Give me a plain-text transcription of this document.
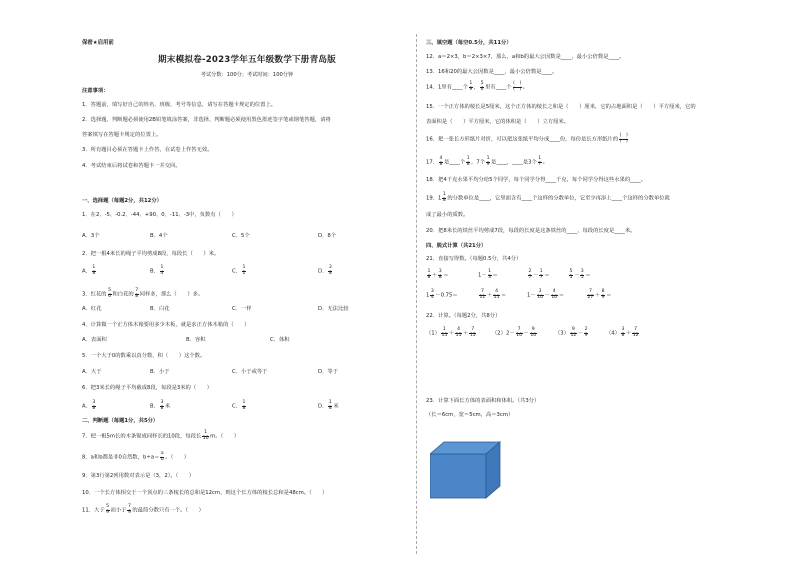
保密★启用前
期末模拟卷-2023学年五年级数学下册青岛版
考试分数：100分；考试时间：100分钟
注意事项：
1．答题前，填写好自己的姓名、班级、考号等信息，请写在答题卡规定的位置上。
2．选择题、判断题必须使用2B铅笔填涂答案，非选择、判断题必须使用黑色墨迹签字笔或钢笔答题，请将
答案填写在答题卡规定的位置上。
3．所有题目必须在答题卡上作答，在试卷上作答无效。
4．考试结束后将试卷和答题卡一并交回。
一、选择题（每题2分，共12分）
1．在2、-5、-0.2、-44、+90、0、-11、-3中，负数有（　　）
A．3个	B．4个	C．5个	D．8个
2．把一根4米长的绳子平均剪成8段，每段长（　　）米。
A． $\frac{1}{8}$	B． $\frac{1}{4}$	C． $\frac{1}{2}$	D． $\frac{3}{8}$
3．红花的 $\frac{5}{6}$ 和白花的 $\frac{7}{8}$ 同样多，那么（　　）多。
A．红花	B．白花	C．一样	D．无法比较
4．计算做一个正方体木箱要用多少木板，就是求正方体木箱的（　　）
A．表面积	B．容积	C．体积
5．一个大于0的数乘以真分数，积（　　）这个数。
A．大于	B．小于	C．小于或等于	D．等于
6．把3米长的绳子平均截成8段，每段是3米的（　　）
A． $\frac{3}{8}$	B． $\frac{3}{8}$ 米	C． $\frac{1}{8}$	D． $\frac{1}{8}$ 米
二、判断题（每题1分，共5分）
7．把一根5m长的木条锯成同样长的10段，每段长 $\frac{1}{10}$ m。（　　）
8．a和b都是非0自然数，$b\div a= \frac{a}{b}$ 。（　　）
9．第3行第2列用数对表示是（3，2）。（　　）
10．一个长方体相交于一个顶点的三条棱长的总和是12cm，则这个长方体的棱长总和是48cm。（　　）
11．大于 $\frac{5}{9}$ 而小于 $\frac{7}{9}$ 的最简分数只有一个。（　　）
三、填空题（每空0.5分，共11分）
12．a＝2×3，b＝2×3×7，那么，a和b的最大公因数是____，最小公倍数是____。
13．16和20的最大公因数是____，最小公倍数是____。
14．1里有____个 $\frac{1}{9}$ ， $\frac{5}{6}$ 里有____个
(　)
(　) 。
15．一个正方体的棱长是5厘米，这个正方体的棱长之和是（　　）厘米，它的占地面积是（　　）平方厘米，它的
表面积是（　　）平方厘米，它的体积是（　　）立方厘米。
16．把一张长方形纸片对折，可以把这张纸平均分成____份，每份是长方形纸片的
(　)
(　)
17． $\frac{4}{8}$ 是____个 $\frac{1}{8}$ ，7个 $\frac{1}{9}$ 是____，____是3个 $\frac{1}{7}$ 。
18．把4千克水果平均分给5个同学，每个同学分得____千克，每个同学分得这些水果的____。
19．$1 \frac{1}{8}$ 的分数单位是____，它里面含有____个这样的分数单位，它至少再添上____个这样的分数单位就
成了最小的质数。
20．把8米长的铁丝平均剪成7段，每段的长度是这条铁丝的____，每段的长度是____米。
四、脱式计算（共21分）
21．直接写得数。（每题0.5分，共4分）
$\frac{1}{8} + \frac{3}{8}$ ＝	$1- \frac{1}{3}$ ＝	$\frac{2}{7} - \frac{1}{7}$ ＝	$\frac{5}{5} - \frac{3}{5}$ ＝
$1 \frac{3}{4} -0.75=$	$\frac{7}{11} + \frac{4}{11}$ ＝	$1- \frac{3}{10} - \frac{4}{10}$ ＝	$\frac{7}{27} + \frac{8}{9}$ ＝
22．计算。（每题2分，共8分）
$(1) \frac{1}{15} + \frac{4}{15} + \frac{7}{15}$	$(2)2- \frac{7}{10} - \frac{9}{10}$	$(3) \frac{9}{12} - \frac{2}{9}$	$(4) \frac{3}{8} + \frac{7}{12}$
23．计算下面长方体的表面积和体积。（共3分）
（长＝6cm，宽＝5cm，高＝3cm）
